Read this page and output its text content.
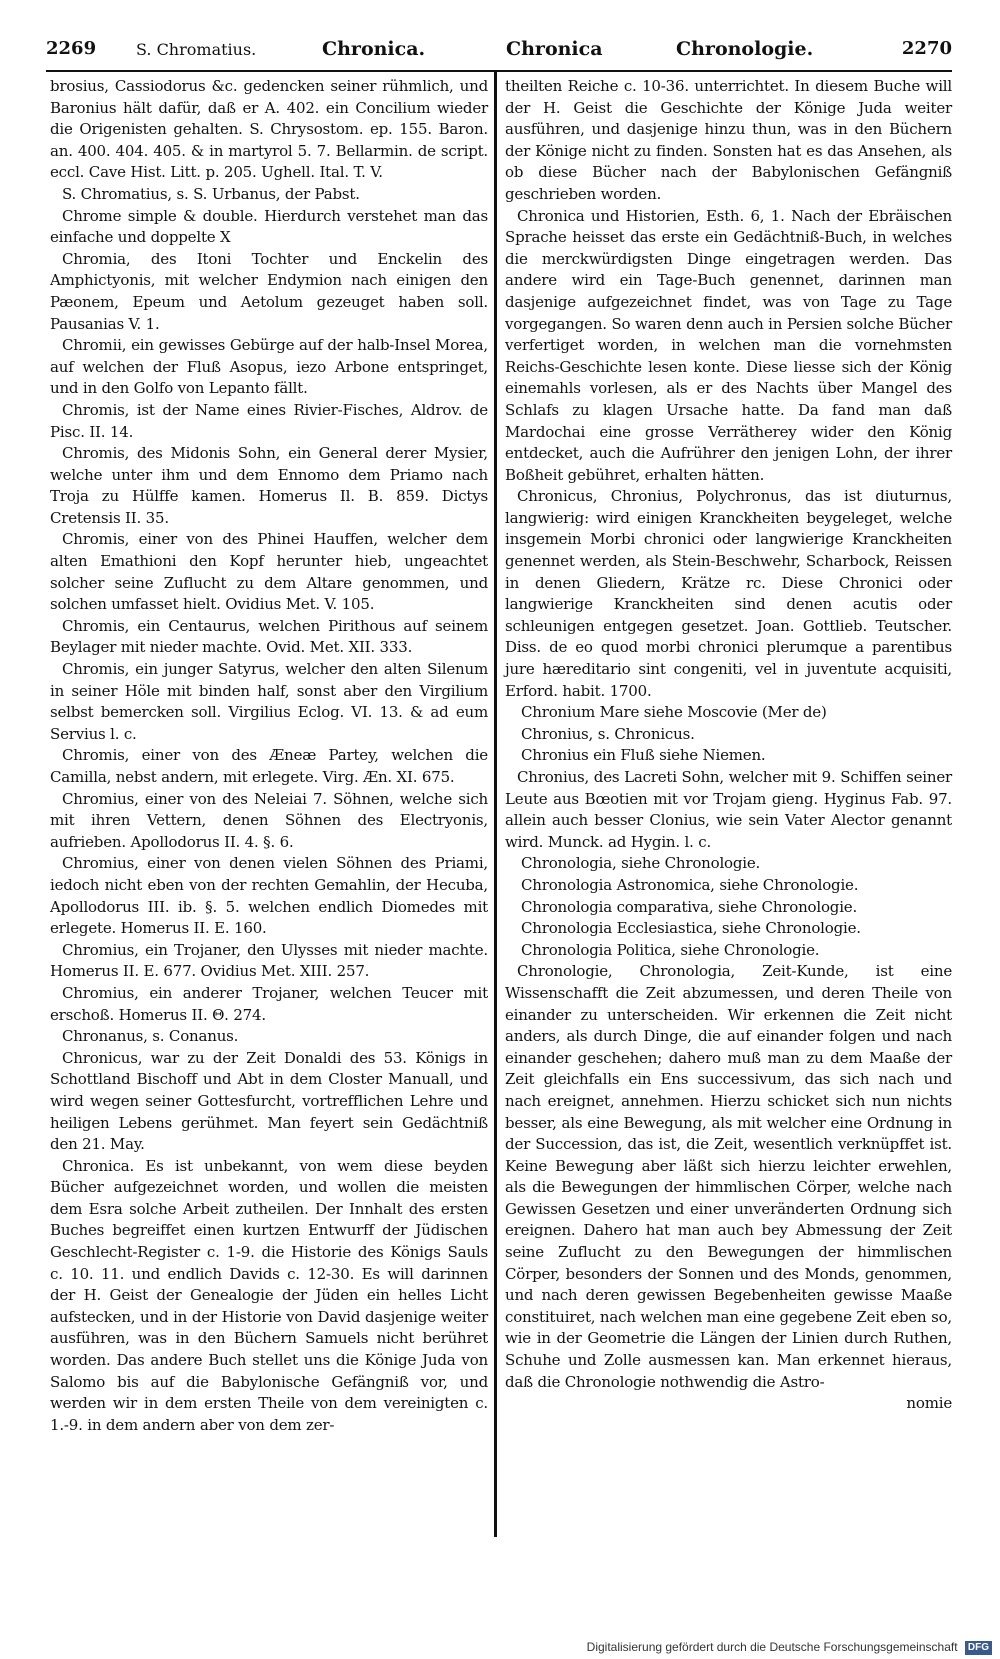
2269 S. Chromatius.	Chronica.	Chronica	Chronologie.	2270

brosius, Cassiodorus &c. gedencken seiner rühmlich, und Baronius hält dafür, daß er A. 402. ein Concilium wieder die Origenisten gehalten. S. Chrysostom. ep. 155. Baron. an. 400. 404. 405. & in martyrol 5. 7. Bellarmin. de script. eccl. Cave Hist. Litt. p. 205. Ughell. Ital. T. V.

S. Chromatius, s. S. Urbanus, der Pabst.

Chrome simple & double. Hierdurch verstehet man das einfache und doppelte X

Chromia, des Itoni Tochter und Enckelin des Amphictyonis, mit welcher Endymion nach einigen den Pæonem, Epeum und Aetolum gezeuget haben soll. Pausanias V. 1.

Chromii, ein gewisses Gebürge auf der halb-Insel Morea, auf welchen der Fluß Asopus, iezo Arbone entspringet, und in den Golfo von Lepanto fällt.

Chromis, ist der Name eines Rivier-Fisches, Aldrov. de Pisc. II. 14.

Chromis, des Midonis Sohn, ein General derer Mysier, welche unter ihm und dem Ennomo dem Priamo nach Troja zu Hülffe kamen. Homerus Il. B. 859. Dictys Cretensis II. 35.

Chromis, einer von des Phinei Hauffen, welcher dem alten Emathioni den Kopf herunter hieb, ungeachtet solcher seine Zuflucht zu dem Altare genommen, und solchen umfasset hielt. Ovidius Met. V. 105.

Chromis, ein Centaurus, welchen Pirithous auf seinem Beylager mit nieder machte. Ovid. Met. XII. 333.

Chromis, ein junger Satyrus, welcher den alten Silenum in seiner Höle mit binden half, sonst aber den Virgilium selbst bemercken soll. Virgilius Eclog. VI. 13. & ad eum Servius l. c.

Chromis, einer von des Æneæ Partey, welchen die Camilla, nebst andern, mit erlegete. Virg. Æn. XI. 675.

Chromius, einer von des Neleiai 7. Söhnen, welche sich mit ihren Vettern, denen Söhnen des Electryonis, aufrieben. Apollodorus II. 4. §. 6.

Chromius, einer von denen vielen Söhnen des Priami, iedoch nicht eben von der rechten Gemahlin, der Hecuba, Apollodorus III. ib. §. 5. welchen endlich Diomedes mit erlegete. Homerus II. E. 160.

Chromius, ein Trojaner, den Ulysses mit nieder machte. Homerus II. E. 677. Ovidius Met. XIII. 257.

Chromius, ein anderer Trojaner, welchen Teucer mit erschoß. Homerus II. Θ. 274.

Chronanus, s. Conanus.

Chronicus, war zu der Zeit Donaldi des 53. Königs in Schottland Bischoff und Abt in dem Closter Manuall, und wird wegen seiner Gottesfurcht, vortrefflichen Lehre und heiligen Lebens gerühmet. Man feyert sein Gedächtniß den 21. May.

Chronica. Es ist unbekannt, von wem diese beyden Bücher aufgezeichnet worden, und wollen die meisten dem Esra solche Arbeit zutheilen. Der Innhalt des ersten Buches begreiffet einen kurtzen Entwurff der Jüdischen Geschlecht-Register c. 1-9. die Historie des Königs Sauls c. 10. 11. und endlich Davids c. 12-30. Es will darinnen der H. Geist der Genealogie der Jüden ein helles Licht aufstecken, und in der Historie von David dasjenige weiter ausführen, was in den Büchern Samuels nicht berühret worden. Das andere Buch stellet uns die Könige Juda von Salomo bis auf die Babylonische Gefängniß vor, und werden wir in dem ersten Theile von dem vereinigten c. 1.-9. in dem andern aber von dem zer-

theilten Reiche c. 10-36. unterrichtet. In diesem Buche will der H. Geist die Geschichte der Könige Juda weiter ausführen, und dasjenige hinzu thun, was in den Büchern der Könige nicht zu finden. Sonsten hat es das Ansehen, als ob diese Bücher nach der Babylonischen Gefängniß geschrieben worden.

Chronica und Historien, Esth. 6, 1. Nach der Ebräischen Sprache heisset das erste ein Gedächtniß-Buch, in welches die merckwürdigsten Dinge eingetragen werden. Das andere wird ein Tage-Buch genennet, darinnen man dasjenige aufgezeichnet findet, was von Tage zu Tage vorgegangen. So waren denn auch in Persien solche Bücher verfertiget worden, in welchen man die vornehmsten Reichs-Geschichte lesen konte. Diese liesse sich der König einemahls vorlesen, als er des Nachts über Mangel des Schlafs zu klagen Ursache hatte. Da fand man daß Mardochai eine grosse Verrätherey wider den König entdecket, auch die Aufrührer den jenigen Lohn, der ihrer Boßheit gebühret, erhalten hätten.

Chronicus, Chronius, Polychronus, das ist diuturnus, langwierig: wird einigen Kranckheiten beygeleget, welche insgemein Morbi chronici oder langwierige Kranckheiten genennet werden, als Stein-Beschwehr, Scharbock, Reissen in denen Gliedern, Krätze rc. Diese Chronici oder langwierige Kranckheiten sind denen acutis oder schleunigen entgegen gesetzet. Joan. Gottlieb. Teutscher. Diss. de eo quod morbi chronici plerumque a parentibus jure hæreditario sint congeniti, vel in juventute acquisiti, Erford. habit. 1700.

Chronium Mare siehe Moscovie (Mer de)

Chronius, s. Chronicus.

Chronius ein Fluß siehe Niemen.

Chronius, des Lacreti Sohn, welcher mit 9. Schiffen seiner Leute aus Bœotien mit vor Trojam gieng. Hyginus Fab. 97. allein auch besser Clonius, wie sein Vater Alector genannt wird. Munck. ad Hygin. l. c.

Chronologia, siehe Chronologie.

Chronologia Astronomica, siehe Chronologie.

Chronologia comparativa, siehe Chronologie.

Chronologia Ecclesiastica, siehe Chronologie.

Chronologia Politica, siehe Chronologie.

Chronologie, Chronologia, Zeit-Kunde, ist eine Wissenschafft die Zeit abzumessen, und deren Theile von einander zu unterscheiden. Wir erkennen die Zeit nicht anders, als durch Dinge, die auf einander folgen und nach einander geschehen; dahero muß man zu dem Maaße der Zeit gleichfalls ein Ens successivum, das sich nach und nach ereignet, annehmen. Hierzu schicket sich nun nichts besser, als eine Bewegung, als mit welcher eine Ordnung in der Succession, das ist, die Zeit, wesentlich verknüpffet ist. Keine Bewegung aber läßt sich hierzu leichter erwehlen, als die Bewegungen der himmlischen Cörper, welche nach Gewissen Gesetzen und einer unveränderten Ordnung sich ereignen. Dahero hat man auch bey Abmessung der Zeit seine Zuflucht zu den Bewegungen der himmlischen Cörper, besonders der Sonnen und des Monds, genommen, und nach deren gewissen Begebenheiten gewisse Maaße constituiret, nach welchen man eine gegebene Zeit eben so, wie in der Geometrie die Längen der Linien durch Ruthen, Schuhe und Zolle ausmessen kan. Man erkennet hieraus, daß die Chronologie nothwendig die Astro-

nomie

Digitalisierung gefördert durch die Deutsche Forschungsgemeinschaft DFG
